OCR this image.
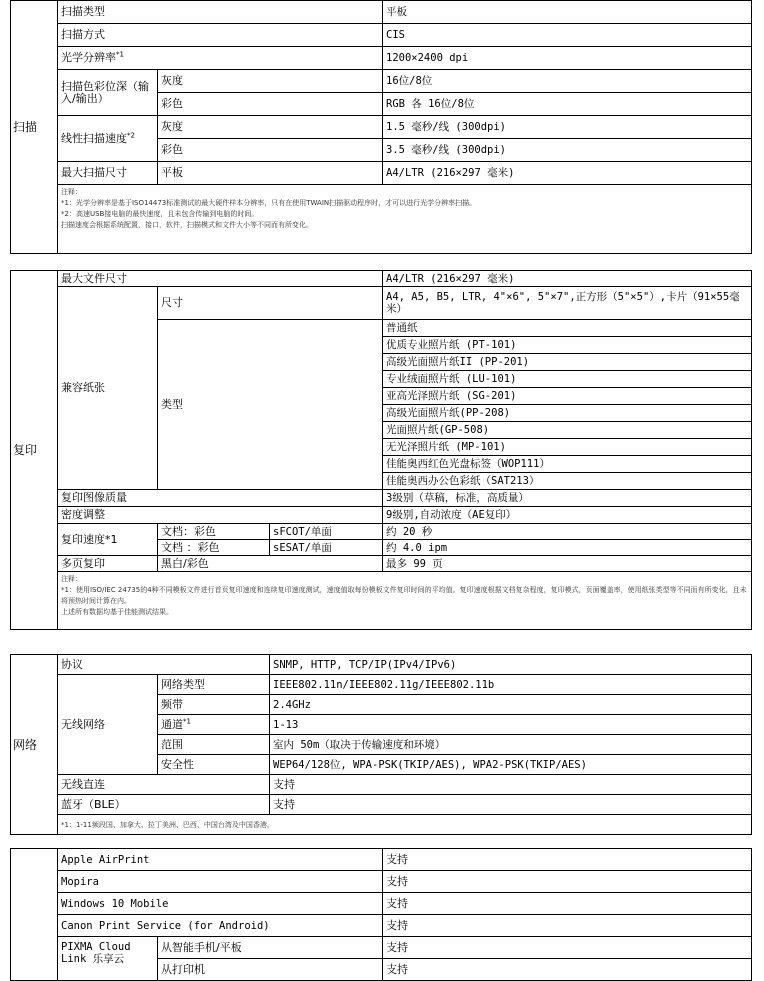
扫描	扫描类型		平板
	扫描方式		CIS
	光学分辨率$^{*1}$		1200×2400 dpi
	扫描色彩位深（输入/输出）	灰度	16位/8位
		彩色	RGB 各 16位/8位
	线性扫描速度$^{*2}$	灰度	1.5 毫秒/线 (300dpi)
		彩色	3.5 毫秒/线 (300dpi)
	最大扫描尺寸	平板	A4/LTR (216×297 毫米)

	注释：
*1：光学分辨率是基于ISO14473标准测试的最大硬件样本分辨率，只有在使用TWAIN扫描驱动程序时，才可以进行光学分辨率扫描。
*2：高速USB接电脑的最快速度，且未包含传输到电脑的时间。
扫描速度会根据系统配置，接口，软件，扫描模式和文件大小等不同而有所变化。		
复印	最大文件尺寸			A4/LTR (216×297 毫米)
	兼容纸张	尺寸		A4, A5, B5, LTR, 4"×6", 5"×7",正方形（5"×5"）,卡片（91×55毫米）
		类型		普通纸
				优质专业照片纸 (PT-101)
				高级光面照片纸II (PP-201)
				专业绒面照片纸 (LU-101)
				亚高光泽照片纸 (SG-201)
				高级光面照片纸(PP-208)
				光面照片纸(GP-508)
				无光泽照片纸 (MP-101)
				佳能奥西红色光盘标签（WOP111）
				佳能奥西办公色彩纸（SAT213）
	复印图像质量			3级别（草稿，标准，高质量）
	密度调整			9级别,自动浓度（AE复印）
	复印速度*1	文档：彩色	sFCOT/单面	约 20 秒
		文档 ：彩色	sESAT/单面	约 4.0 ipm
	多页复印	黑白/彩色		最多 99 页

	注释：
*1：使用ISO/IEC 24735的4种不同模板文件进行首页复印速度和连续复印速度测试，速度值取每份模板文件复印时间的平均值。复印速度根据文档复杂程度，复印模式，页面覆盖率，使用纸张类型等不同而有所变化，且未将预热时间计算在内。
上述所有数据均基于佳能测试结果。			
网络	协议		SNMP, HTTP, TCP/IP(IPv4/IPv6)
	无线网络	网络类型	IEEE802.11n/IEEE802.11g/IEEE802.11b
		频带	2.4GHz
		通道$^{*1}$	1-13
		范围	室内 50m（取决于传输速度和环境）
		安全性	WEP64/128位, WPA-PSK(TKIP/AES), WPA2-PSK(TKIP/AES)
	无线直连		支持
	蓝牙（BLE）		支持

	*1：1-11频段国、加拿大、拉丁美洲、巴西、中国台湾及中国香港。		
	Apple AirPrint		支持
	Mopira		支持
	Windows 10 Mobile		支持
	Canon Print Service (for Android)		支持
	PIXMA Cloud Link 乐享云	从智能手机/平板	支持
		从打印机	支持
